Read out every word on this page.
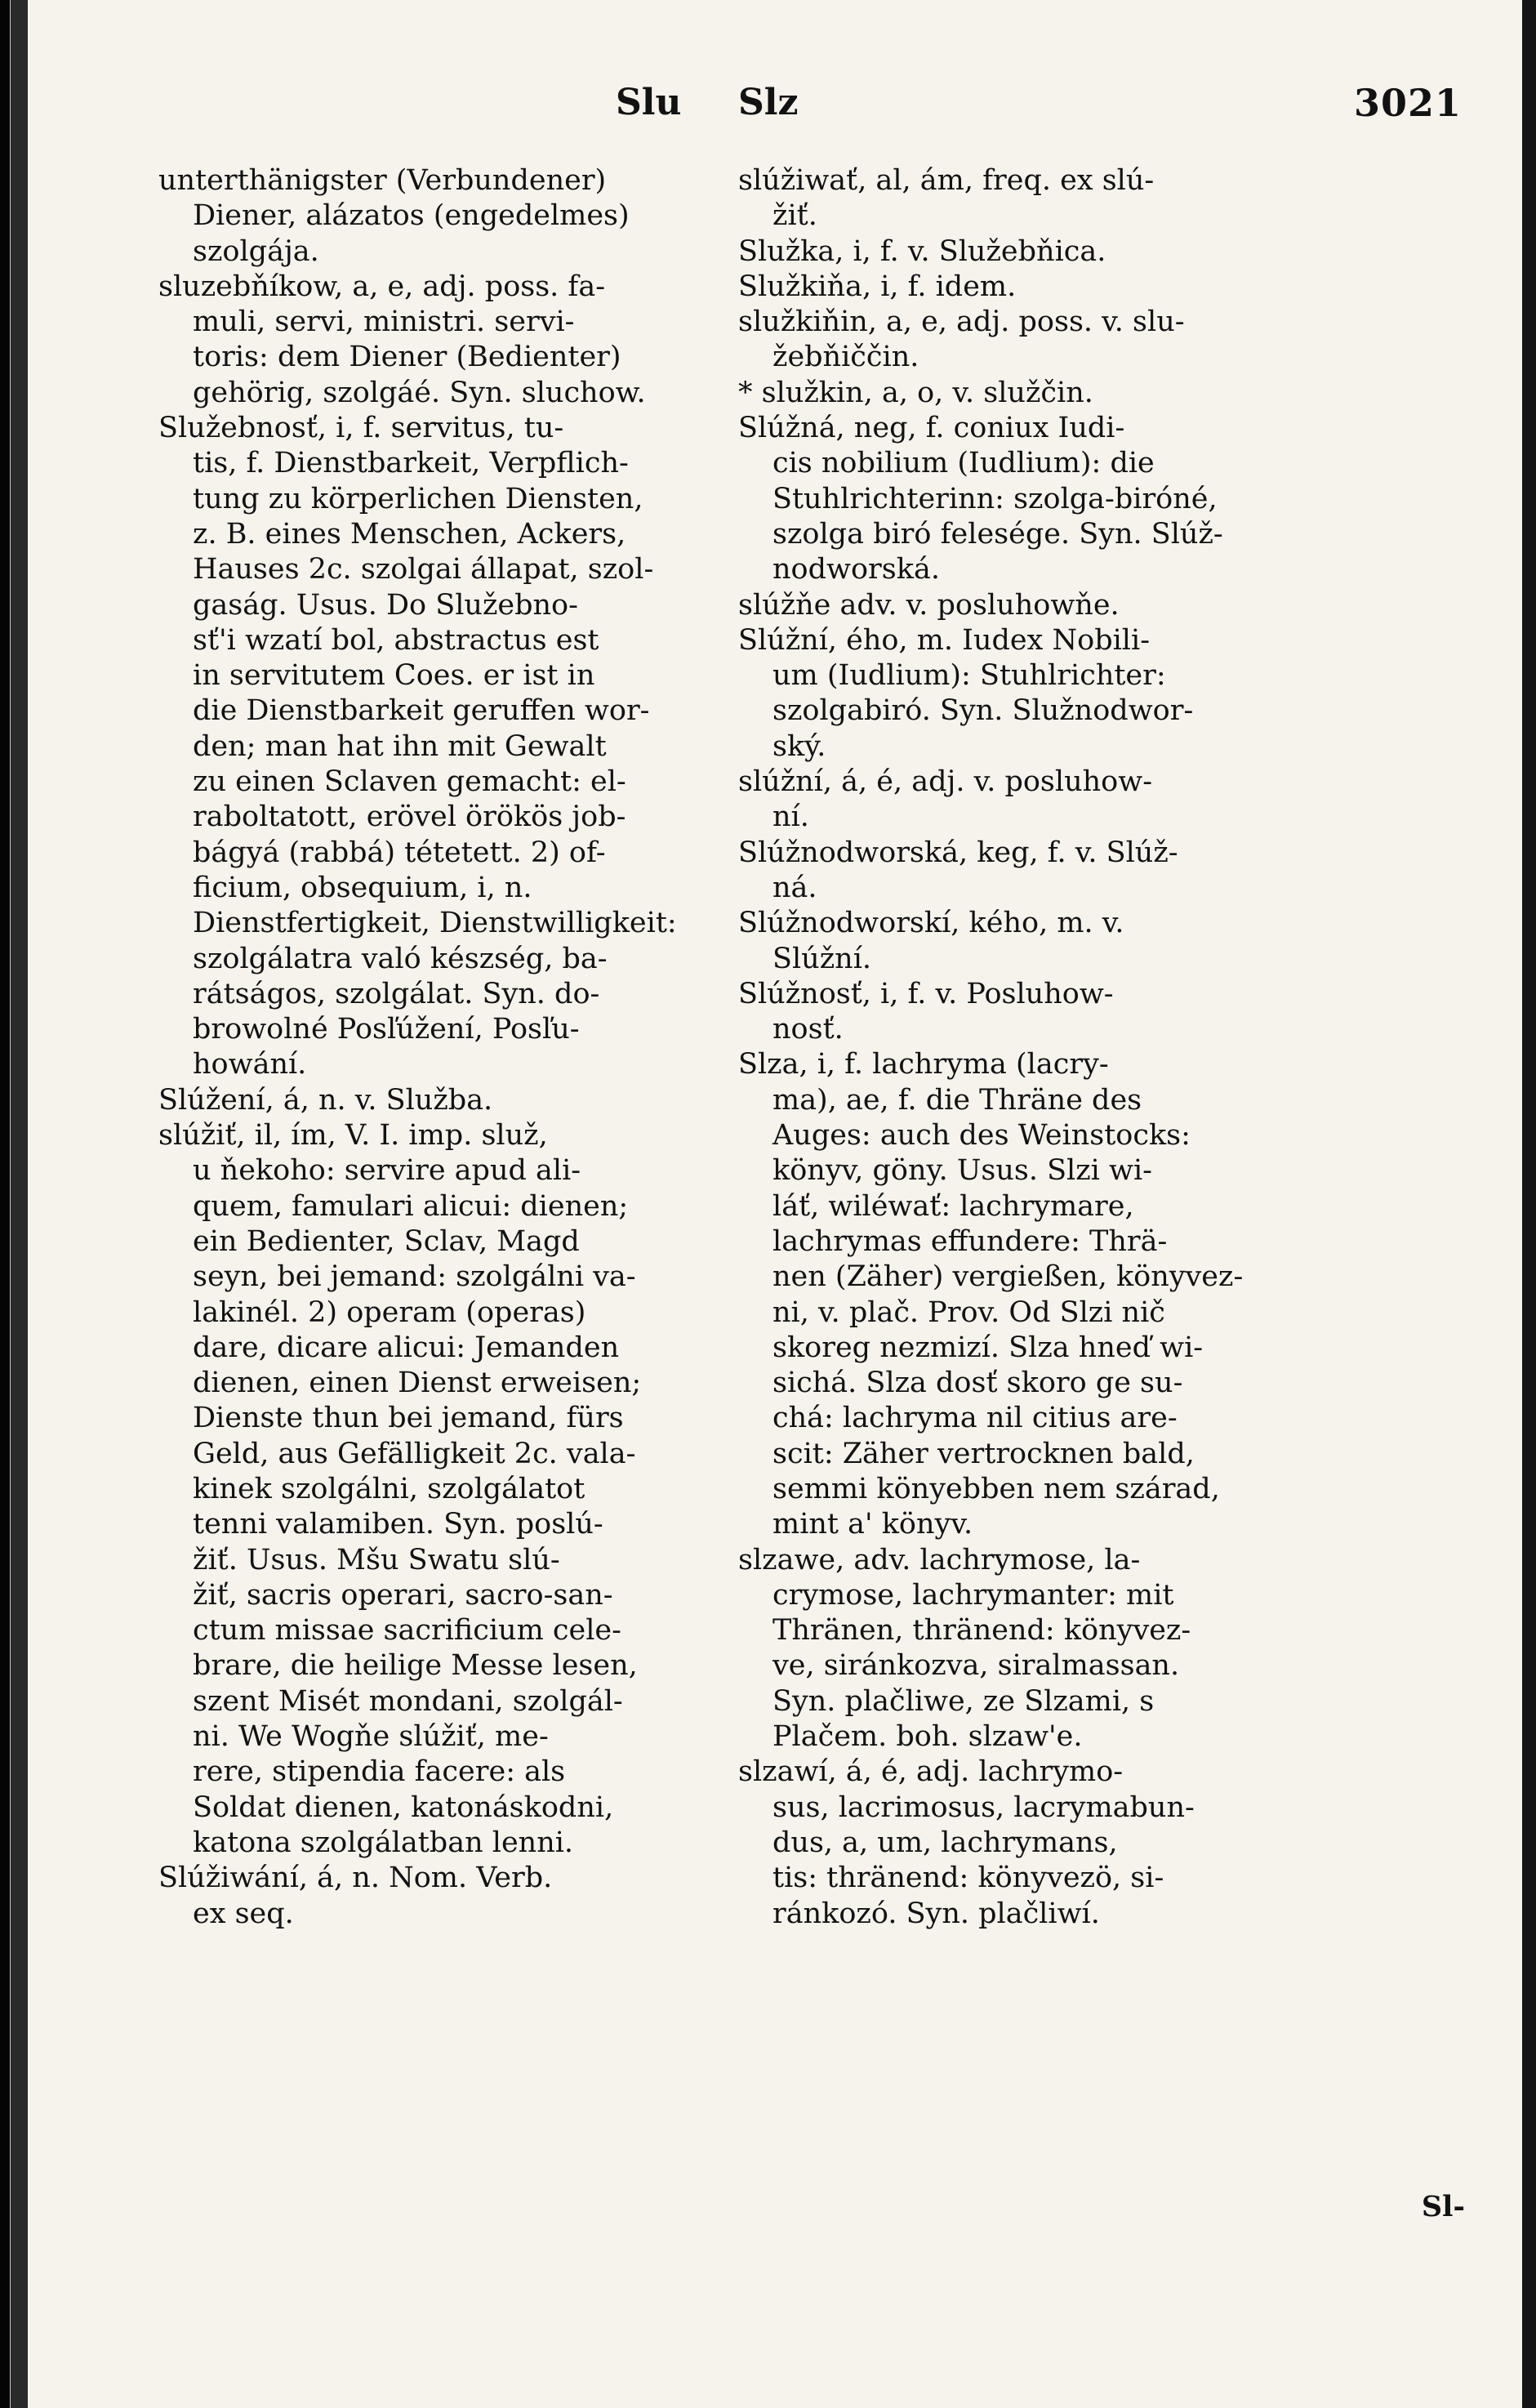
Slu Slz	3021
unterthänigster (Verbundener)
Diener, alázatos (engedelmes)
szolgája.
sluzebňíkow, a, e, adj. poss. fa-
muli, servi, ministri. servi-
toris: dem Diener (Bedienter)
gehörig, szolgáé. Syn. sluchow.
Služebnosť, i, f. servitus, tu-
tis, f. Dienstbarkeit, Verpflich-
tung zu körperlichen Diensten,
z. B. eines Menschen, Ackers,
Hauses 2c. szolgai állapat, szol-
gaság. Usus. Do Služebno-
sť'i wzatí bol, abstractus est
in servitutem Coes. er ist in
die Dienstbarkeit geruffen wor-
den; man hat ihn mit Gewalt
zu einen Sclaven gemacht: el-
raboltatott, erövel örökös job-
bágyá (rabbá) tétetett. 2) of-
ficium, obsequium, i, n.
Dienstfertigkeit, Dienstwilligkeit:
szolgálatra való készség, ba-
rátságos, szolgálat. Syn. do-
browolné Posľúžení, Posľu-
howání.
Slúžení, á, n. v. Služba.
slúžiť, il, ím, V. I. imp. služ,
u ňekoho: servire apud ali-
quem, famulari alicui: dienen;
ein Bedienter, Sclav, Magd
seyn, bei jemand: szolgálni va-
lakinél. 2) operam (operas)
dare, dicare alicui: Jemanden
dienen, einen Dienst erweisen;
Dienste thun bei jemand, fürs
Geld, aus Gefälligkeit 2c. vala-
kinek szolgálni, szolgálatot
tenni valamiben. Syn. poslú-
žiť. Usus. Mšu Swatu slú-
žiť, sacris operari, sacro-san-
ctum missae sacrificium cele-
brare, die heilige Messe lesen,
szent Misét mondani, szolgál-
ni. We Wogňe slúžiť, me-
rere, stipendia facere: als
Soldat dienen, katonáskodni,
katona szolgálatban lenni.
Slúžiwání, á, n. Nom. Verb.
ex seq.
slúžiwať, al, ám, freq. ex slú-
žiť.
Služka, i, f. v. Služebňica.
Služkiňa, i, f. idem.
služkiňin, a, e, adj. poss. v. slu-
žebňiččin.
* služkin, a, o, v. služčin.
Slúžná, neg, f. coniux Iudi-
cis nobilium (Iudlium): die
Stuhlrichterinn: szolga-biróné,
szolga biró felesége. Syn. Slúž-
nodworská.
slúžňe adv. v. posluhowňe.
Slúžní, ého, m. Iudex Nobili-
um (Iudlium): Stuhlrichter:
szolgabiró. Syn. Služnodwor-
ský.
slúžní, á, é, adj. v. posluhow-
ní.
Slúžnodworská, keg, f. v. Slúž-
ná.
Slúžnodworskí, kého, m. v.
Slúžní.
Slúžnosť, i, f. v. Posluhow-
nosť.
Slza, i, f. lachryma (lacry-
ma), ae, f. die Thräne des
Auges: auch des Weinstocks:
könyv, göny. Usus. Slzi wi-
láť, wiléwať: lachrymare,
lachrymas effundere: Thrä-
nen (Zäher) vergießen, könyvez-
ni, v. plač. Prov. Od Slzi nič
skoreg nezmizí. Slza hneď wi-
sichá. Slza dosť skoro ge su-
chá: lachryma nil citius are-
scit: Zäher vertrocknen bald,
semmi könyebben nem szárad,
mint a' könyv.
slzawe, adv. lachrymose, la-
crymose, lachrymanter: mit
Thränen, thränend: könyvez-
ve, siránkozva, siralmassan.
Syn. plačliwe, ze Slzami, s
Plačem. boh. slzaw'e.
slzawí, á, é, adj. lachrymo-
sus, lacrimosus, lacrymabun-
dus, a, um, lachrymans,
tis: thränend: könyvezö, si-
ránkozó. Syn. plačliwí.
Sl-
